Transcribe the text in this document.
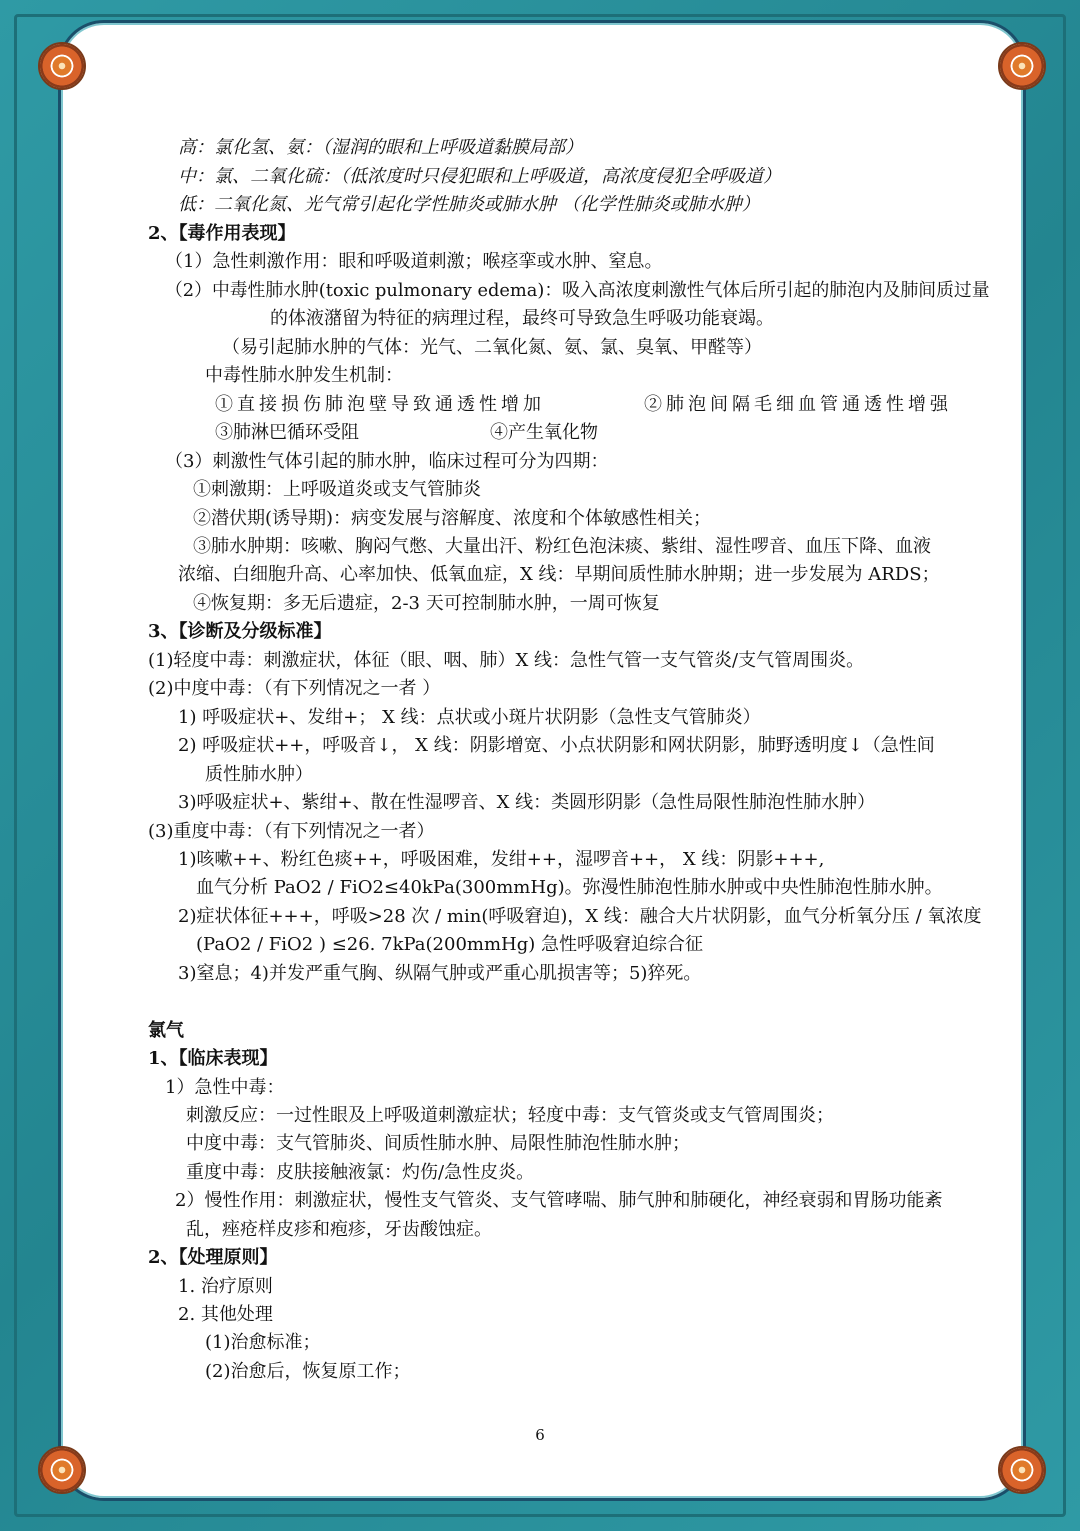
高：氯化氢、氨：（湿润的眼和上呼吸道黏膜局部）
中：氯、二氧化硫：（低浓度时只侵犯眼和上呼吸道，高浓度侵犯全呼吸道）
低：二氧化氮、光气常引起化学性肺炎或肺水肿 （化学性肺炎或肺水肿）
2、【毒作用表现】
（1）急性刺激作用：眼和呼吸道刺激；喉痉挛或水肿、窒息。
（2）中毒性肺水肿(toxic pulmonary edema)：吸入高浓度刺激性气体后所引起的肺泡内及肺间质过量
的体液潴留为特征的病理过程，最终可导致急生呼吸功能衰竭。
（易引起肺水肿的气体：光气、二氧化氮、氨、氯、臭氧、甲醛等）
中毒性肺水肿发生机制：
①直接损伤肺泡壁导致通透性增加	②肺泡间隔毛细血管通透性增强
③肺淋巴循环受阻	④产生氧化物
（3）刺激性气体引起的肺水肿，临床过程可分为四期：
①刺激期：上呼吸道炎或支气管肺炎
②潜伏期(诱导期)：病变发展与溶解度、浓度和个体敏感性相关；
③肺水肿期：咳嗽、胸闷气憋、大量出汗、粉红色泡沫痰、紫绀、湿性啰音、血压下降、血液
浓缩、白细胞升高、心率加快、低氧血症，X 线：早期间质性肺水肿期；进一步发展为 ARDS；
④恢复期：多无后遗症，2-3 天可控制肺水肿，一周可恢复
3、【诊断及分级标准】
(1)轻度中毒：刺激症状，体征（眼、咽、肺）X 线：急性气管一支气管炎/支气管周围炎。
(2)中度中毒：（有下列情况之一者 ）
1) 呼吸症状+、发绀+； X 线：点状或小斑片状阴影（急性支气管肺炎）
2) 呼吸症状++，呼吸音↓， X 线：阴影增宽、小点状阴影和网状阴影，肺野透明度↓（急性间
质性肺水肿）
3)呼吸症状+、紫绀+、散在性湿啰音、X 线：类圆形阴影（急性局限性肺泡性肺水肿）
(3)重度中毒：（有下列情况之一者）
1)咳嗽++、粉红色痰++，呼吸困难，发绀++，湿啰音++， X 线：阴影+++,
血气分析 PaO2 / FiO2≤40kPa(300mmHg)。弥漫性肺泡性肺水肿或中央性肺泡性肺水肿。
2)症状体征+++，呼吸>28 次 / min(呼吸窘迫)，X 线：融合大片状阴影，血气分析氧分压 / 氧浓度
(PaO2 / FiO2 ) ≤26. 7kPa(200mmHg) 急性呼吸窘迫综合征
3)窒息；4)并发严重气胸、纵隔气肿或严重心肌损害等；5)猝死。
氯气
1、【临床表现】
1）急性中毒：
刺激反应：一过性眼及上呼吸道刺激症状；轻度中毒：支气管炎或支气管周围炎；
中度中毒：支气管肺炎、间质性肺水肿、局限性肺泡性肺水肿；
重度中毒：皮肤接触液氯：灼伤/急性皮炎。
2）慢性作用：刺激症状，慢性支气管炎、支气管哮喘、肺气肿和肺硬化，神经衰弱和胃肠功能紊
乱，痤疮样皮疹和疱疹，牙齿酸蚀症。
2、【处理原则】
1. 治疗原则
2. 其他处理
(1)治愈标准；
(2)治愈后，恢复原工作；
6
